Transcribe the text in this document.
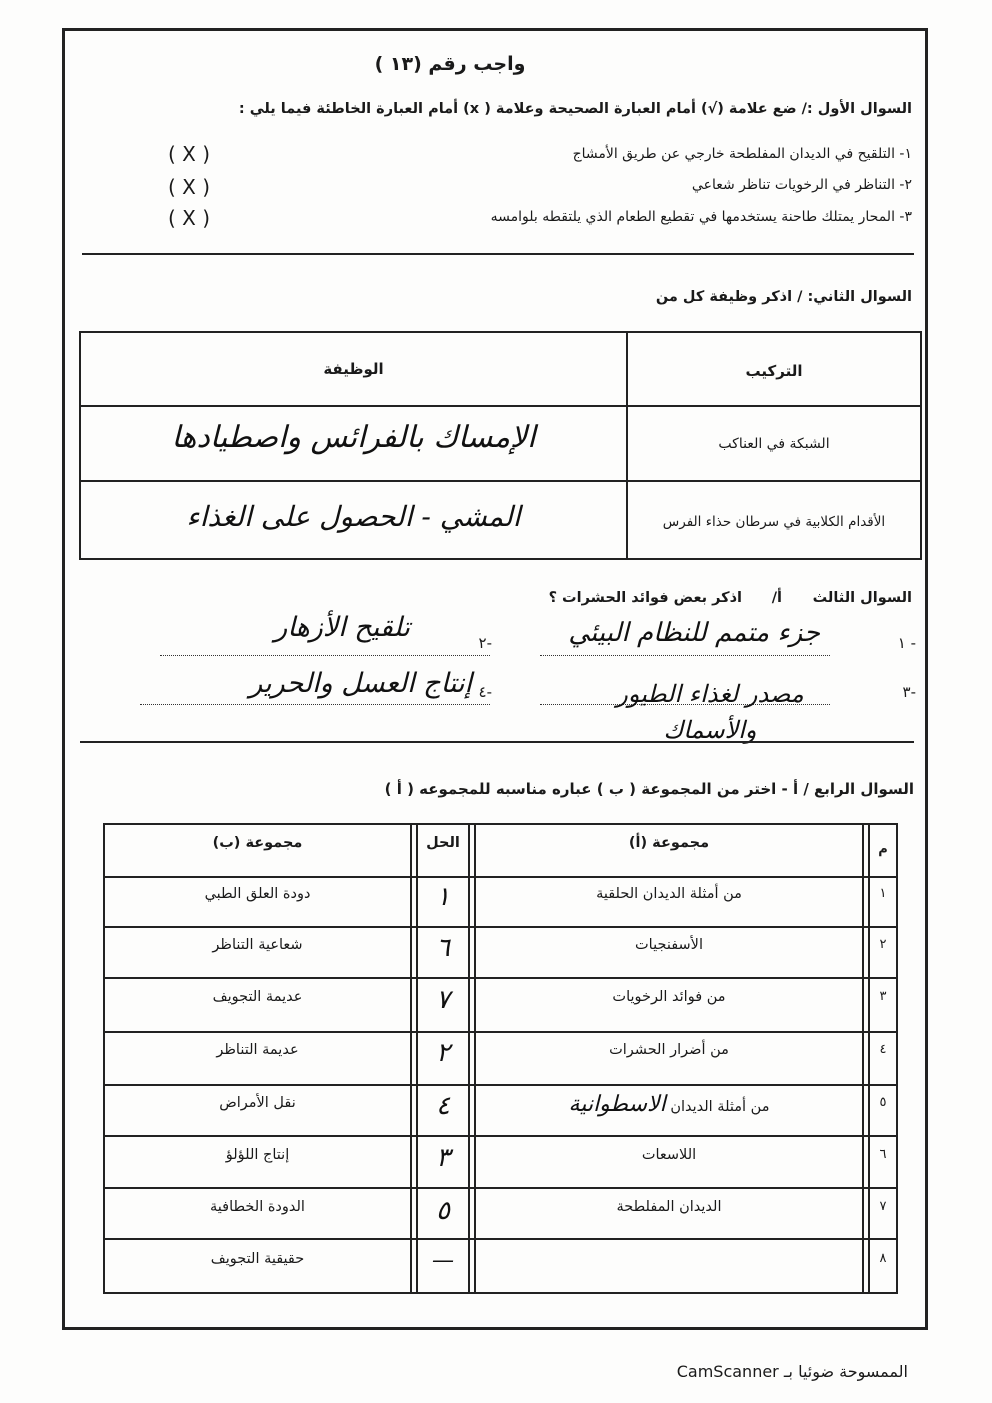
واجب رقم (١٣ )
السوال الأول :/ ضع علامة (√) أمام العبارة الصحيحة وعلامة ( x) أمام العبارة الخاطئة فيما يلي :
١- التلقيح في الديدان المفلطحة خارجي عن طريق الأمشاج
( X )
٢- التناظر في الرخويات تناظر شعاعي
( X )
٣- المحار يمتلك طاحنة يستخدمها في تقطيع الطعام الذي يلتقطه بلوامسه
( X )
السوال الثاني: / اذكر وظيفة كل من
التركيب
الوظيفة
الشبكة في العناكب
الإمساك بالفرائس واصطيادها
الأقدام الكلابية في سرطان حذاء الفرس
المشي - الحصول على الغذاء
السوال الثالث
أ/
اذكر بعض فوائد الحشرات ؟
١ -
جزء متمم للنظام البيئي
٢-
تلقيح الأزهار
٣-
مصدر لغذاء الطيور والأسماك
٤-
إنتاج العسل والحرير
السوال الرابع / أ - اختر من المجموعة ( ب ) عباره مناسبه للمجموعه ( أ )
م
مجموعة (أ)
الحل
مجموعة (ب)
١
من أمثلة الديدان الحلقية
١
دودة العلق الطبي
٢
الأسفنجيات
٦
شعاعية التناظر
٣
من فوائد الرخويات
٧
عديمة التجويف
٤
من أضرار الحشرات
٢
عديمة التناظر
٥
من أمثلة الديدان الاسطوانية
٤
نقل الأمراض
٦
اللاسعات
٣
إنتاج اللؤلؤ
٧
الديدان المفلطحة
٥
الدودة الخطافية
٨
—
حقيقية التجويف
الممسوحة ضوئيا بـ CamScanner
